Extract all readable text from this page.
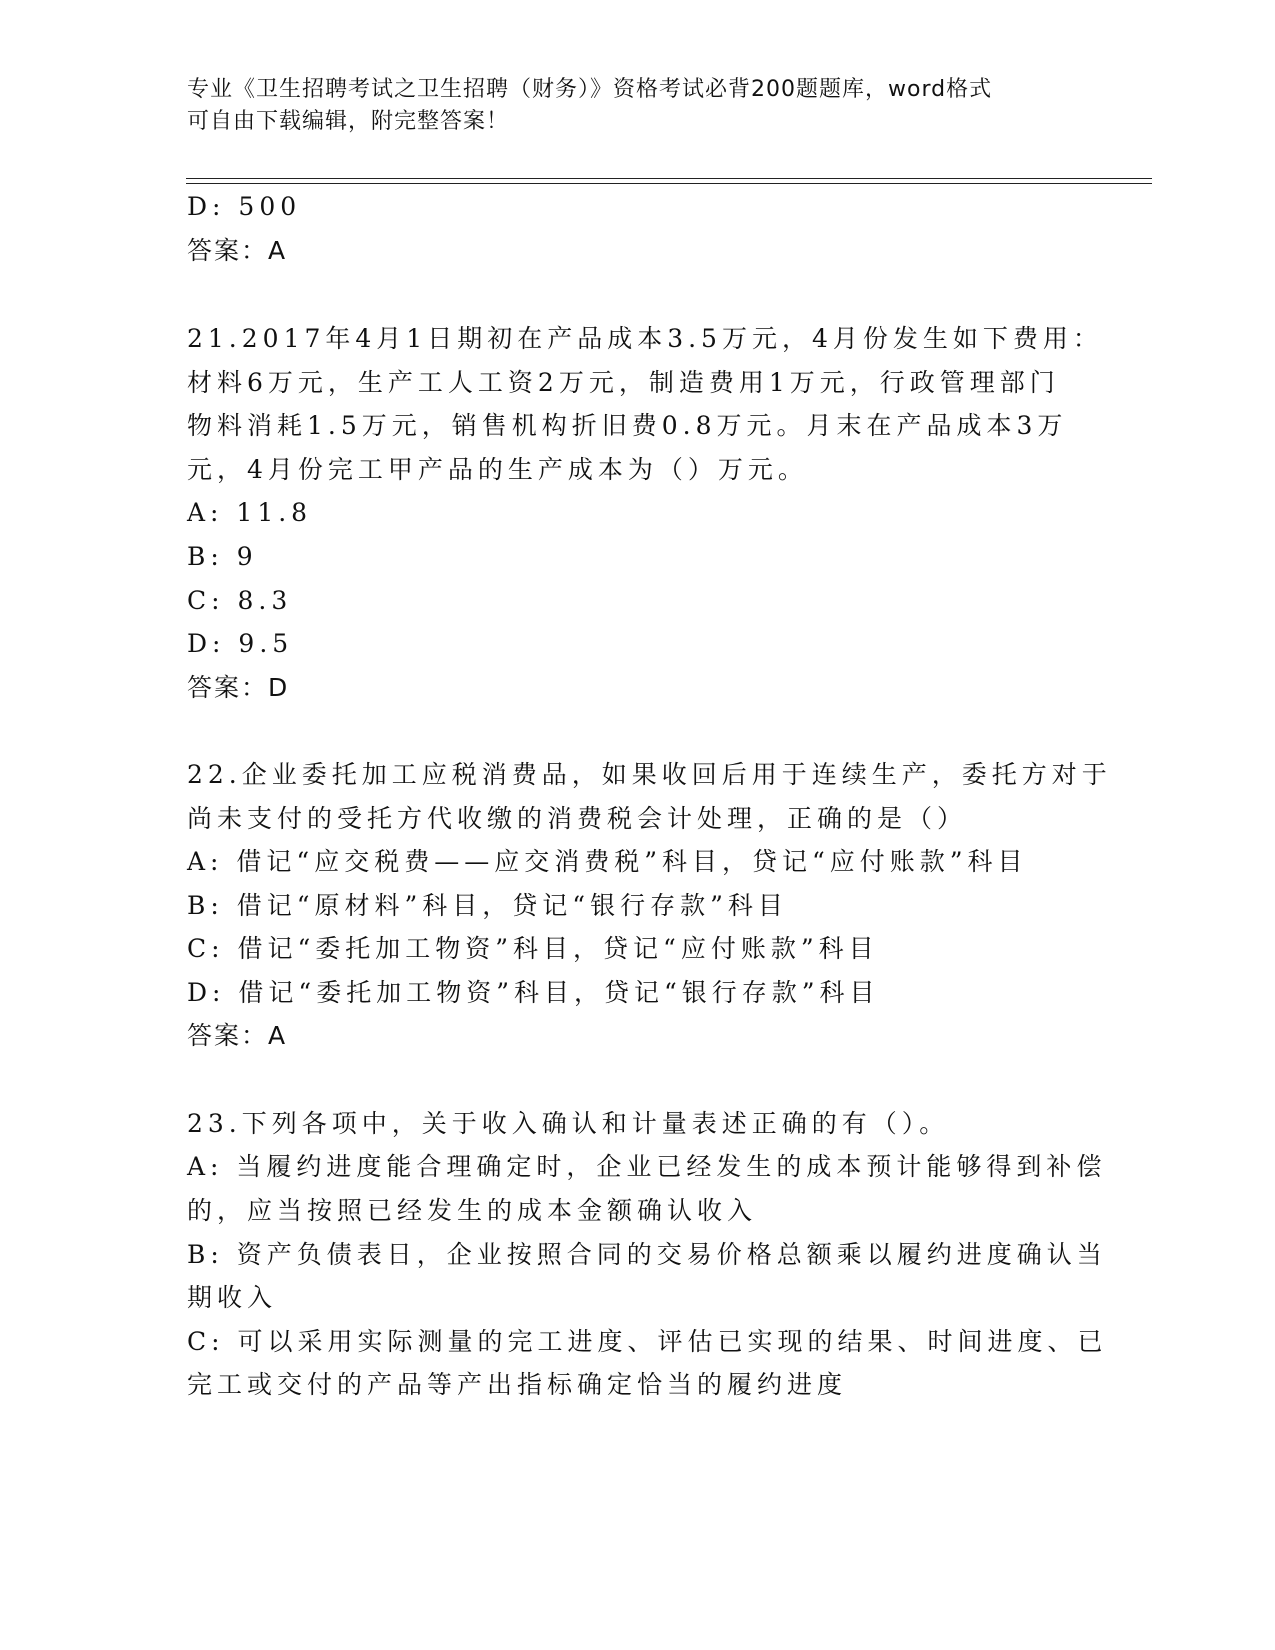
专业《卫生招聘考试之卫生招聘（财务）》资格考试必背200题题库，word格式
可自由下载编辑，附完整答案！
D: 500
答案：A
21.2017年4月1日期初在产品成本3.5万元，4月份发生如下费用：
材料6万元，生产工人工资2万元，制造费用1万元，行政管理部门
物料消耗1.5万元，销售机构折旧费0.8万元。月末在产品成本3万
元，4月份完工甲产品的生产成本为（）万元。
A: 11.8
B: 9
C: 8.3
D: 9.5
答案：D
22.企业委托加工应税消费品，如果收回后用于连续生产，委托方对于
尚未支付的受托方代收缴的消费税会计处理，正确的是（）
A: 借记“应交税费——应交消费税”科目，贷记“应付账款”科目
B: 借记“原材料”科目，贷记“银行存款”科目
C: 借记“委托加工物资”科目，贷记“应付账款”科目
D: 借记“委托加工物资”科目，贷记“银行存款”科目
答案：A
23.下列各项中，关于收入确认和计量表述正确的有（）。
A: 当履约进度能合理确定时，企业已经发生的成本预计能够得到补偿
的，应当按照已经发生的成本金额确认收入
B: 资产负债表日，企业按照合同的交易价格总额乘以履约进度确认当
期收入
C: 可以采用实际测量的完工进度、评估已实现的结果、时间进度、已
完工或交付的产品等产出指标确定恰当的履约进度
